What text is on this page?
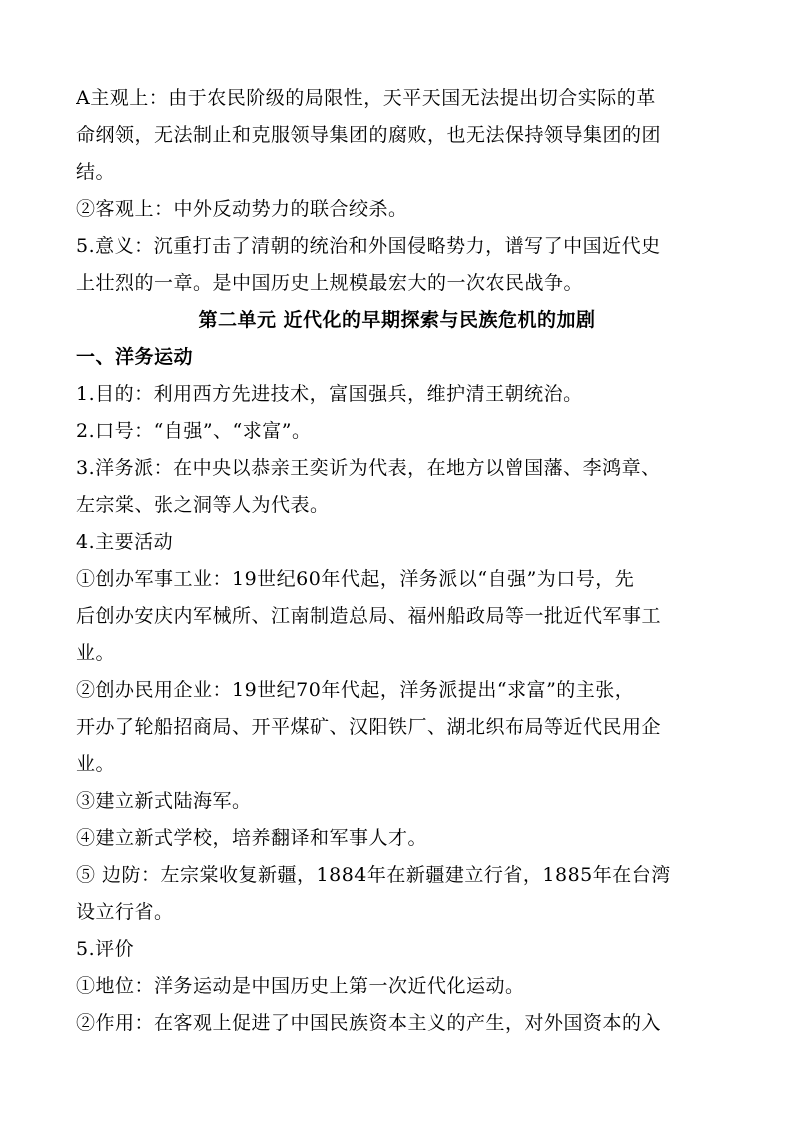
A主观上：由于农民阶级的局限性，天平天国无法提出切合实际的革
命纲领，无法制止和克服领导集团的腐败，也无法保持领导集团的团
结。
②客观上：中外反动势力的联合绞杀。
5.意义：沉重打击了清朝的统治和外国侵略势力，谱写了中国近代史
上壮烈的一章。是中国历史上规模最宏大的一次农民战争。
第二单元 近代化的早期探索与民族危机的加剧
一、洋务运动
1.目的：利用西方先进技术，富国强兵，维护清王朝统治。
2.口号：“自强”、“求富”。
3.洋务派：在中央以恭亲王奕䜣为代表，在地方以曾国藩、李鸿章、
左宗棠、张之洞等人为代表。
4.主要活动
①创办军事工业：19世纪60年代起，洋务派以“自强”为口号，先
后创办安庆内军械所、江南制造总局、福州船政局等一批近代军事工
业。
②创办民用企业：19世纪70年代起，洋务派提出“求富”的主张，
开办了轮船招商局、开平煤矿、汉阳铁厂、湖北织布局等近代民用企
业。
③建立新式陆海军。
④建立新式学校，培养翻译和军事人才。
⑤ 边防：左宗棠收复新疆，1884年在新疆建立行省，1885年在台湾
设立行省。
5.评价
①地位：洋务运动是中国历史上第一次近代化运动。
②作用：在客观上促进了中国民族资本主义的产生，对外国资本的入
